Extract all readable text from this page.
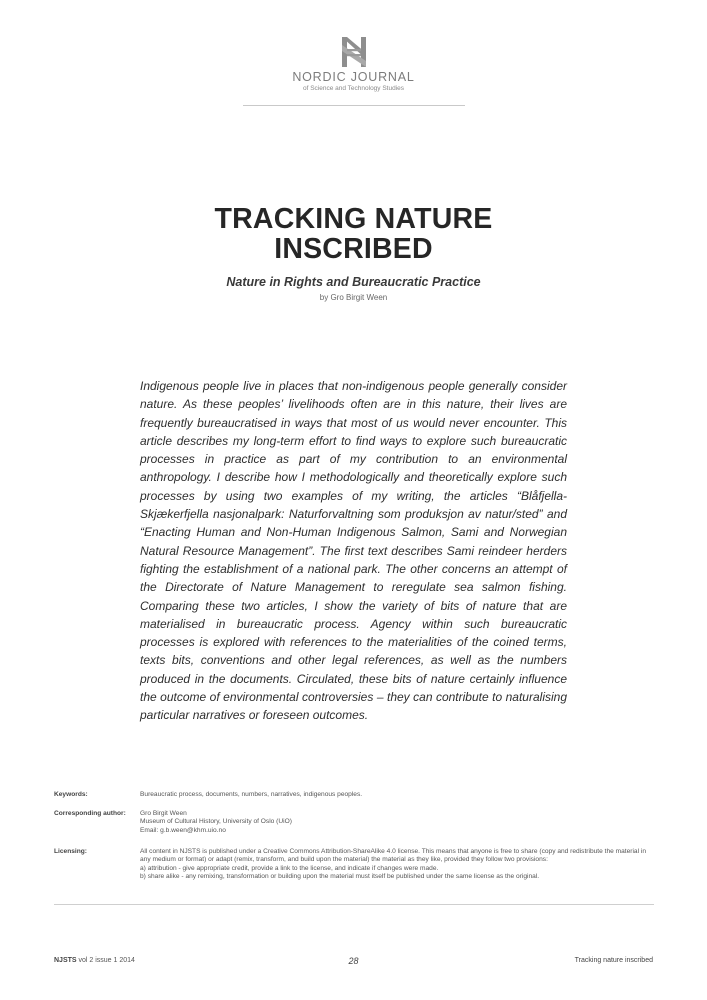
NORDIC JOURNAL
of Science and Technology Studies
TRACKING NATURE
INSCRIBED
Nature in Rights and Bureaucratic Practice
by Gro Birgit Ween

Indigenous people live in places that non-indigenous people generally consider nature. As these peoples’ livelihoods often are in this nature, their lives are frequently bureaucratised in ways that most of us would never encounter. This article describes my long-term effort to find ways to explore such bureaucratic processes in practice as part of my contribution to an environmental anthropology. I describe how I methodologically and theoretically explore such processes by using two examples of my writing, the articles “Blåfjella-Skjækerfjella nasjonalpark: Naturforvaltning som produksjon av natur/sted” and “Enacting Human and Non-Human Indigenous Salmon, Sami and Norwegian Natural Resource Management”. The first text describes Sami reindeer herders fighting the establishment of a national park. The other concerns an attempt of the Directorate of Nature Management to reregulate sea salmon fishing. Comparing these two articles, I show the variety of bits of nature that are materialised in bureaucratic process. Agency within such bureaucratic processes is explored with references to the materialities of the coined terms, texts bits, conventions and other legal references, as well as the numbers produced in the documents. Circulated, these bits of nature certainly influence the outcome of environmental controversies – they can contribute to naturalising particular narratives or foreseen outcomes.

Keywords:	Bureaucratic process, documents, numbers, narratives, indigenous peoples.
Corresponding author: Gro Birgit Ween
Museum of Cultural History, University of Oslo (UiO)
Email: g.b.ween@khm.uio.no
Licensing:	All content in NJSTS is published under a Creative Commons Attribution-ShareAlike 4.0 license. This means that anyone is free to share (copy and redistribute the material in any medium or format) or adapt (remix, transform, and build upon the material) the material as they like, provided they follow two provisions:
a) attribution - give appropriate credit, provide a link to the license, and indicate if changes were made.
b) share alike - any remixing, transformation or building upon the material must itself be published under the same license as the original.
NJSTS vol 2 issue 1 2014	28	Tracking nature inscribed
